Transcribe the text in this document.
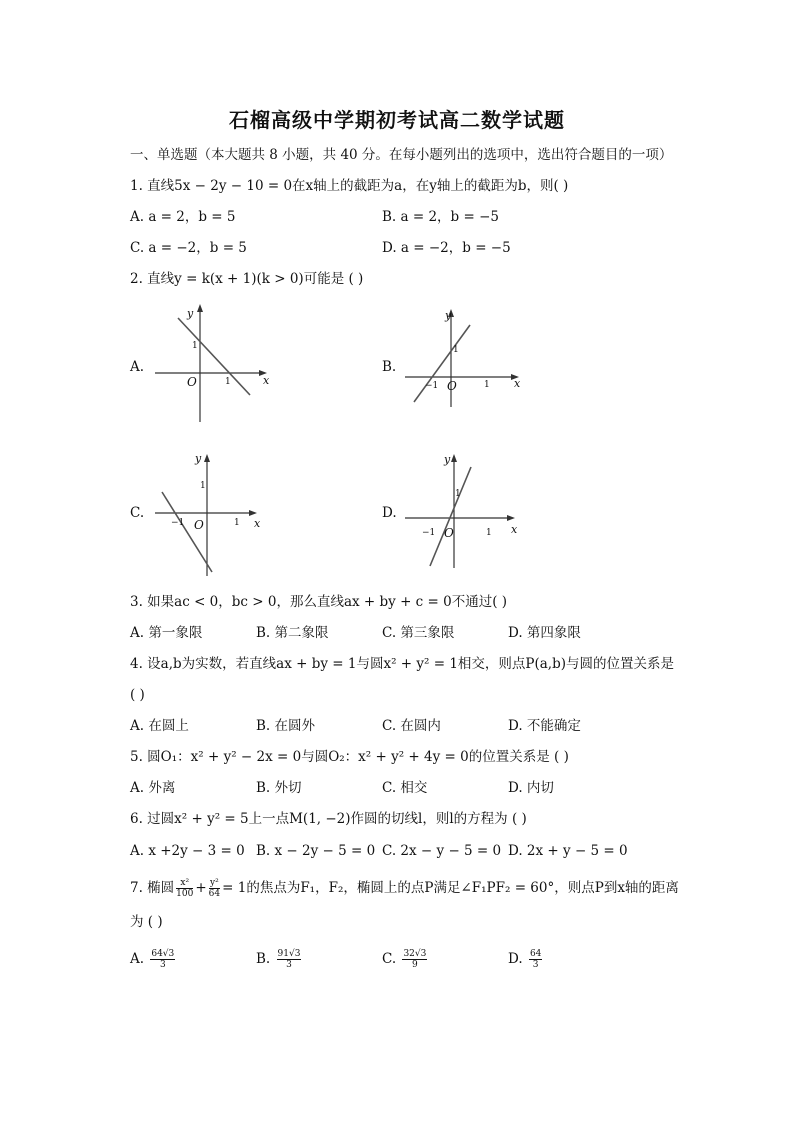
石榴高级中学期初考试高二数学试题
一、单选题（本大题共 8 小题，共 40 分。在每小题列出的选项中，选出符合题目的一项）
1. 直线5x − 2y − 10 = 0在x轴上的截距为a，在y轴上的截距为b，则( )
A. a = 2，b = 5	B. a = 2，b = −5
C. a = −2，b = 5	D. a = −2，b = −5
2. 直线y = k(x + 1)(k > 0)可能是 ( )
A.	B.
C.	D.
y
x
O
1
1
y
x
O
1
1
−1
y
x
O
1
1
−1
y
x
O
1
1
−1
3. 如果ac < 0，bc > 0，那么直线ax + by + c = 0不通过( )
A. 第一象限	B. 第二象限	C. 第三象限	D. 第四象限
4. 设a,b为实数，若直线ax + by = 1与圆x² + y² = 1相交，则点P(a,b)与圆的位置关系是
( )
A. 在圆上	B. 在圆外	C. 在圆内	D. 不能确定
5. 圆O₁：x² + y² − 2x = 0与圆O₂：x² + y² + 4y = 0的位置关系是 ( )
A. 外离	B. 外切	C. 相交	D. 内切
6. 过圆x² + y² = 5上一点M(1, −2)作圆的切线l，则l的方程为 ( )
A. x +2y − 3 = 0 B. x − 2y − 5 = 0 C. 2x − y − 5 = 0 D. 2x + y − 5 = 0
7. 椭圆 $\frac{\text{x²}}{100} + \frac{\text{y²}}{64} = 1$的焦点为F₁，F₂，椭圆上的点P满足∠F₁PF₂ = 60°，则点P到x轴的距离
为 ( )
A. $\frac{64√3}{3}$	B. $\frac{91√3}{3}$	C. $\frac{32√3}{9}$	D. $\frac{64}{3}$
